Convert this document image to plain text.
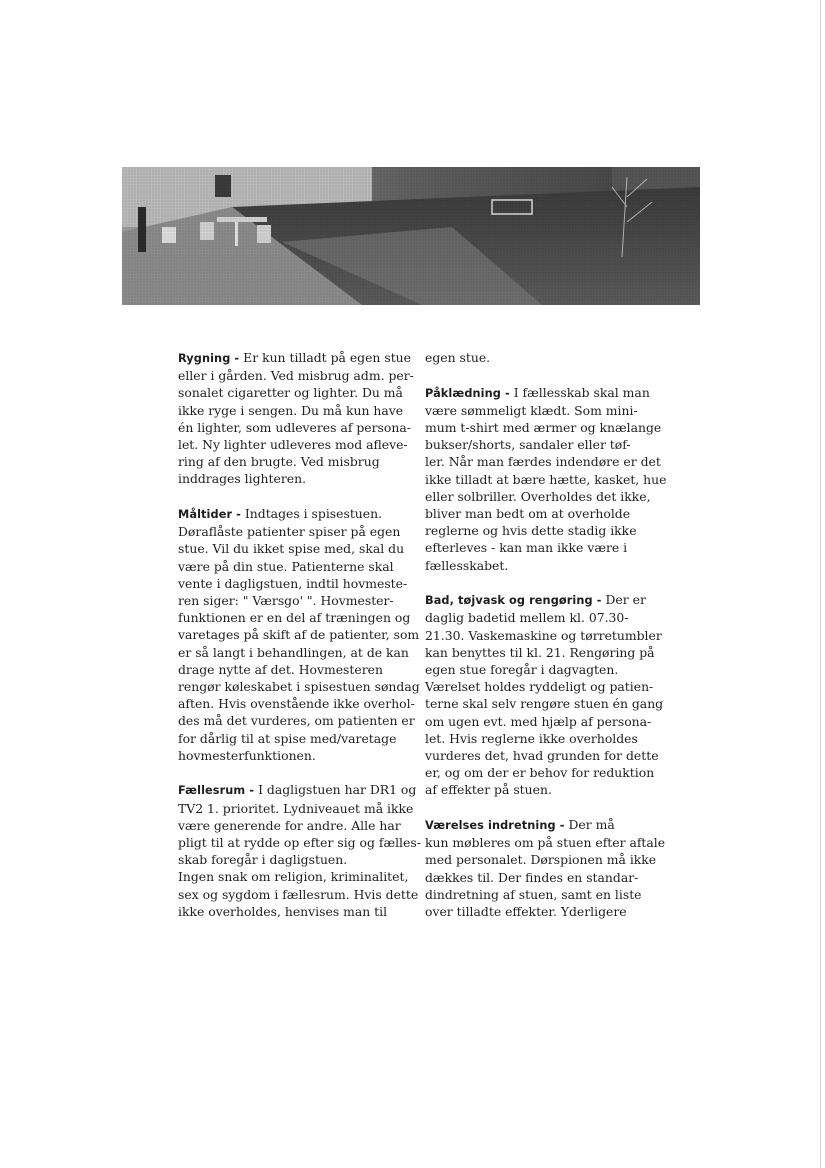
Rygning - Er kun tilladt på egen stue
eller i gården. Ved misbrug adm. per-
sonalet cigaretter og lighter. Du må
ikke ryge i sengen. Du må kun have
én lighter, som udleveres af persona-
let. Ny lighter udleveres mod afleve-
ring af den brugte. Ved misbrug
inddrages lighteren.

Måltider - Indtages i spisestuen.
Døraflåste patienter spiser på egen
stue. Vil du ikket spise med, skal du
være på din stue. Patienterne skal
vente i dagligstuen, indtil hovmeste-
ren siger: " Værsgo' ". Hovmester-
funktionen er en del af træningen og
varetages på skift af de patienter, som
er så langt i behandlingen, at de kan
drage nytte af det. Hovmesteren
rengør køleskabet i spisestuen søndag
aften. Hvis ovenstående ikke overhol-
des må det vurderes, om patienten er
for dårlig til at spise med/varetage
hovmesterfunktionen.

Fællesrum - I dagligstuen har DR1 og
TV2 1. prioritet. Lydniveauet må ikke
være generende for andre. Alle har
pligt til at rydde op efter sig og fælles-
skab foregår i dagligstuen.
Ingen snak om religion, kriminalitet,
sex og sygdom i fællesrum. Hvis dette
ikke overholdes, henvises man til

egen stue.

Påklædning - I fællesskab skal man
være sømmeligt klædt. Som mini-
mum t-shirt med ærmer og knælange
bukser/shorts, sandaler eller tøf-
ler. Når man færdes indendøre er det
ikke tilladt at bære hætte, kasket, hue
eller solbriller. Overholdes det ikke,
bliver man bedt om at overholde
reglerne og hvis dette stadig ikke
efterleves - kan man ikke være i
fællesskabet.

Bad, tøjvask og rengøring - Der er
daglig badetid mellem kl. 07.30-
21.30. Vaskemaskine og tørretumbler
kan benyttes til kl. 21. Rengøring på
egen stue foregår i dagvagten.
Værelset holdes ryddeligt og patien-
terne skal selv rengøre stuen én gang
om ugen evt. med hjælp af persona-
let. Hvis reglerne ikke overholdes
vurderes det, hvad grunden for dette
er, og om der er behov for reduktion
af effekter på stuen.

Værelses indretning - Der må
kun møbleres om på stuen efter aftale
med personalet. Dørspionen må ikke
dækkes til. Der findes en standar-
dindretning af stuen, samt en liste
over tilladte effekter. Yderligere
